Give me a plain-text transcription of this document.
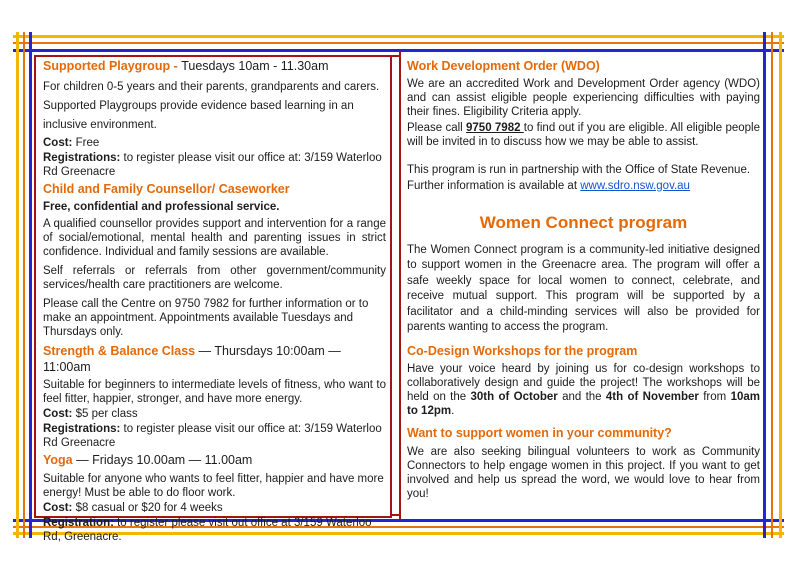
Supported Playgroup - Tuesdays 10am - 11.30am

For children 0-5 years and their parents, grandparents and carers.

Supported Playgroups provide evidence based learning in an inclusive environment.

Cost: Free

Registrations: to register please visit our office at: 3/159 Waterloo Rd Greenacre

Child and Family Counsellor/ Caseworker

Free, confidential and professional service.

A qualified counsellor provides support and intervention for a range of social/emotional, mental health and parenting issues in strict confidence. Individual and family sessions are available.

Self referrals or referrals from other government/community services/health care practitioners are welcome.

Please call the Centre on 9750 7982 for further information or to make an appointment. Appointments available Tuesdays and Thursdays only.

Strength & Balance Class — Thursdays 10:00am — 11:00am

Suitable for beginners to intermediate levels of fitness, who want to feel fitter, happier, stronger, and have more energy.

Cost: $5 per class

Registrations: to register please visit our office at: 3/159 Waterloo Rd Greenacre

Yoga — Fridays 10.00am — 11.00am

Suitable for anyone who wants to feel fitter, happier and have more energy! Must be able to do floor work.

Cost: $8 casual or $20 for 4 weeks

Registration: to register please visit out office at 3/159 Waterloo Rd, Greenacre.

Work Development Order (WDO)

We are an accredited Work and Development Order agency (WDO) and can assist eligible people experiencing difficulties with paying their fines. Eligibility Criteria apply.

Please call 9750 7982 to find out if you are eligible. All eligible people will be invited in to discuss how we may be able to assist.

This program is run in partnership with the Office of State Revenue.

Further information is available at www.sdro.nsw.gov.au

Women Connect program

The Women Connect program is a community-led initiative designed to support women in the Greenacre area. The program will offer a safe weekly space for local women to connect, celebrate, and receive mutual support. This program will be supported by a facilitator and a child-minding services will also be provided for parents wanting to access the program.

Co-Design Workshops for the program

Have your voice heard by joining us for co-design workshops to collaboratively design and guide the project! The workshops will be held on the 30th of October and the 4th of November from 10am to 12pm.

Want to support women in your community?

We are also seeking bilingual volunteers to work as Community Connectors to help engage women in this project. If you want to get involved and help us spread the word, we would love to hear from you!
